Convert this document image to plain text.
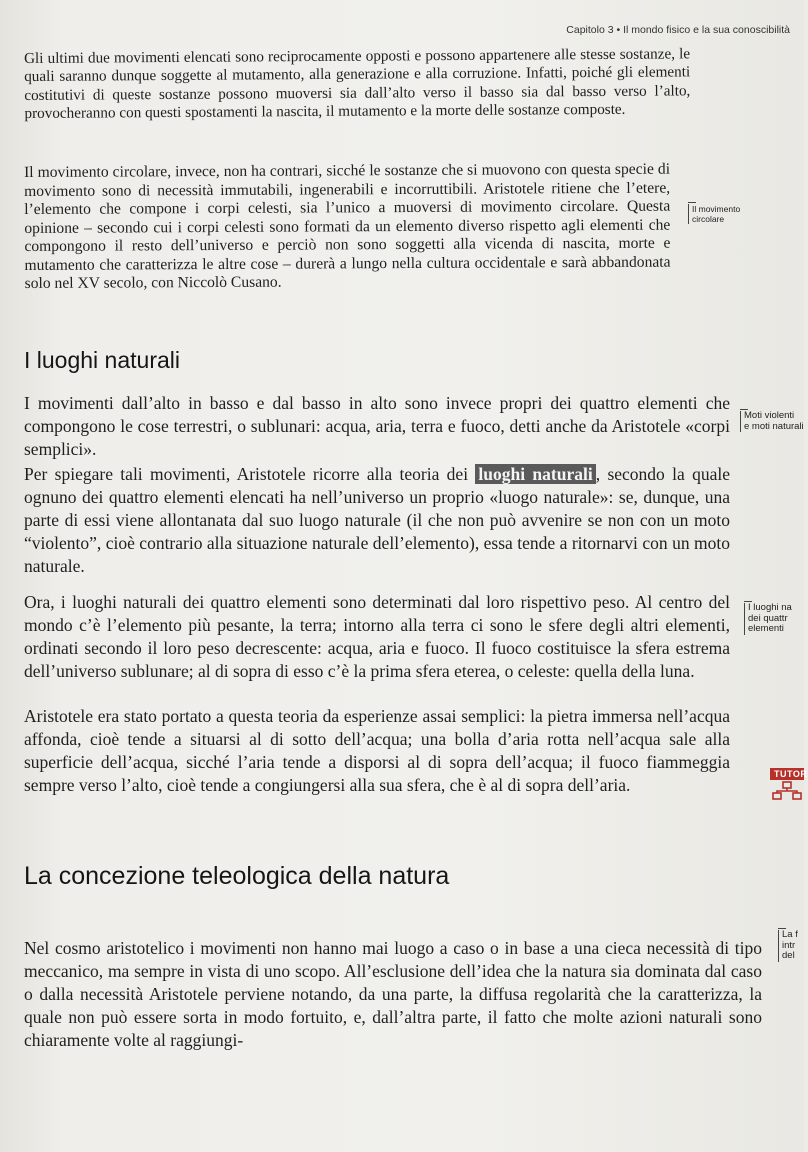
Capitolo 3 • Il mondo fisico e la sua conoscibilità

Gli ultimi due movimenti elencati sono reciprocamente opposti e possono appartenere alle stesse sostanze, le quali saranno dunque soggette al mutamento, alla generazione e alla corruzione. Infatti, poiché gli elementi costitutivi di queste sostanze possono muoversi sia dall’alto verso il basso sia dal basso verso l’alto, provocheranno con questi spostamenti la nascita, il mutamento e la morte delle sostanze composte.

Il movimento circolare, invece, non ha contrari, sicché le sostanze che si muovono con questa specie di movimento sono di necessità immutabili, ingenerabili e incorruttibili. Aristotele ritiene che l’etere, l’elemento che compone i corpi celesti, sia l’unico a muoversi di movimento circolare. Questa opinione – secondo cui i corpi celesti sono formati da un elemento diverso rispetto agli elementi che compongono il resto dell’universo e perciò non sono soggetti alla vicenda di nascita, morte e mutamento che caratterizza le altre cose – durerà a lungo nella cultura occidentale e sarà abbandonata solo nel XV secolo, con Niccolò Cusano.

Il movimento
circolare
I luoghi naturali

I movimenti dall’alto in basso e dal basso in alto sono invece propri dei quattro elementi che compongono le cose terrestri, o sublunari: acqua, aria, terra e fuoco, detti anche da Aristotele «corpi semplici».

Moti violenti
e moti naturali

Per spiegare tali movimenti, Aristotele ricorre alla teoria dei luoghi naturali , secondo la quale ognuno dei quattro elementi elencati ha nell’universo un proprio «luogo naturale»: se, dunque, una parte di essi viene allontanata dal suo luogo naturale (il che non può avvenire se non con un moto “violento”, cioè contrario alla situazione naturale dell’elemento), essa tende a ritornarvi con un moto naturale.

Ora, i luoghi naturali dei quattro elementi sono determinati dal loro rispettivo peso. Al centro del mondo c’è l’elemento più pesante, la terra; intorno alla terra ci sono le sfere degli altri elementi, ordinati secondo il loro peso decrescente: acqua, aria e fuoco. Il fuoco costituisce la sfera estrema dell’universo sublunare; al di sopra di esso c’è la prima sfera eterea, o celeste: quella della luna.

I luoghi na
dei quattr
elementi

Aristotele era stato portato a questa teoria da esperienze assai semplici: la pietra immersa nell’acqua affonda, cioè tende a situarsi al di sotto dell’acqua; una bolla d’aria rotta nell’acqua sale alla superficie dell’acqua, sicché l’aria tende a disporsi al di sopra dell’acqua; il fuoco fiammeggia sempre verso l’alto, cioè tende a congiungersi alla sua sfera, che è al di sopra dell’aria.

TUTOR
La concezione teleologica della natura

Nel cosmo aristotelico i movimenti non hanno mai luogo a caso o in base a una cieca necessità di tipo meccanico, ma sempre in vista di uno scopo. All’esclusione dell’idea che la natura sia dominata dal caso o dalla necessità Aristotele perviene notando, da una parte, la diffusa regolarità che la caratterizza, la quale non può essere sorta in modo fortuito, e, dall’altra parte, il fatto che molte azioni naturali sono chiaramente volte al raggiungi-

La f
intr
del
